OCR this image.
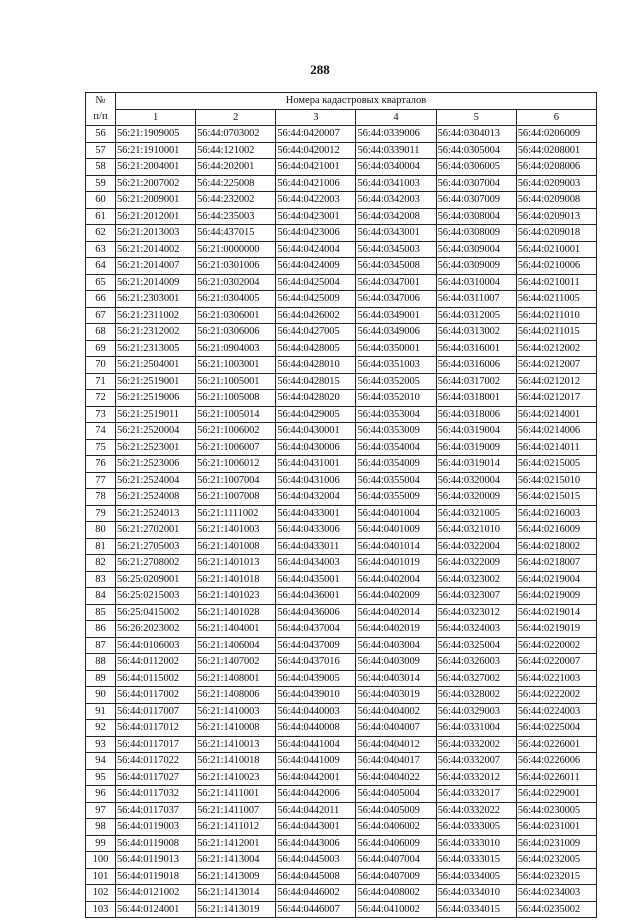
288
№	Номера кадастровых кварталов					
п/п	1	2	3	4	5	6
56	56:21:1909005	56:44:0703002	56:44:0420007	56:44:0339006	56:44:0304013	56:44:0206009
57	56:21:1910001	56:44:121002	56:44:0420012	56:44:0339011	56:44:0305004	56:44:0208001
58	56:21:2004001	56:44:202001	56:44:0421001	56:44:0340004	56:44:0306005	56:44:0208006
59	56:21:2007002	56:44:225008	56:44:0421006	56:44:0341003	56:44:0307004	56:44:0209003
60	56:21:2009001	56:44:232002	56:44:0422003	56:44:0342003	56:44:0307009	56:44:0209008
61	56:21:2012001	56:44:235003	56:44:0423001	56:44:0342008	56:44:0308004	56:44:0209013
62	56:21:2013003	56:44:437015	56:44:0423006	56:44:0343001	56:44:0308009	56:44:0209018
63	56:21:2014002	56:21:0000000	56:44:0424004	56:44:0345003	56:44:0309004	56:44:0210001
64	56:21:2014007	56:21:0301006	56:44:0424009	56:44:0345008	56:44:0309009	56:44:0210006
65	56:21:2014009	56:21:0302004	56:44:0425004	56:44:0347001	56:44:0310004	56:44:0210011
66	56:21:2303001	56:21:0304005	56:44:0425009	56:44:0347006	56:44:0311007	56:44:0211005
67	56:21:2311002	56:21:0306001	56:44:0426002	56:44:0349001	56:44:0312005	56:44:0211010
68	56:21:2312002	56:21:0306006	56:44:0427005	56:44:0349006	56:44:0313002	56:44:0211015
69	56:21:2313005	56:21:0904003	56:44:0428005	56:44:0350001	56:44:0316001	56:44:0212002
70	56:21:2504001	56:21:1003001	56:44:0428010	56:44:0351003	56:44:0316006	56:44:0212007
71	56:21:2519001	56:21:1005001	56:44:0428015	56:44:0352005	56:44:0317002	56:44:0212012
72	56:21:2519006	56:21:1005008	56:44:0428020	56:44:0352010	56:44:0318001	56:44:0212017
73	56:21:2519011	56:21:1005014	56:44:0429005	56:44:0353004	56:44:0318006	56:44:0214001
74	56:21:2520004	56:21:1006002	56:44:0430001	56:44:0353009	56:44:0319004	56:44:0214006
75	56:21:2523001	56:21:1006007	56:44:0430006	56:44:0354004	56:44:0319009	56:44:0214011
76	56:21:2523006	56:21:1006012	56:44:0431001	56:44:0354009	56:44:0319014	56:44:0215005
77	56:21:2524004	56:21:1007004	56:44:0431006	56:44:0355004	56:44:0320004	56:44:0215010
78	56:21:2524008	56:21:1007008	56:44:0432004	56:44:0355009	56:44:0320009	56:44:0215015
79	56:21:2524013	56:21:1111002	56:44:0433001	56:44:0401004	56:44:0321005	56:44:0216003
80	56:21:2702001	56:21:1401003	56:44:0433006	56:44:0401009	56:44:0321010	56:44:0216009
81	56:21:2705003	56:21:1401008	56:44:0433011	56:44:0401014	56:44:0322004	56:44:0218002
82	56:21:2708002	56:21:1401013	56:44:0434003	56:44:0401019	56:44:0322009	56:44:0218007
83	56:25:0209001	56:21:1401018	56:44:0435001	56:44:0402004	56:44:0323002	56:44:0219004
84	56:25:0215003	56:21:1401023	56:44:0436001	56:44:0402009	56:44:0323007	56:44:0219009
85	56:25:0415002	56:21:1401028	56:44:0436006	56:44:0402014	56:44:0323012	56:44:0219014
86	56:26:2023002	56:21:1404001	56:44:0437004	56:44:0402019	56:44:0324003	56:44:0219019
87	56:44:0106003	56:21:1406004	56:44:0437009	56:44:0403004	56:44:0325004	56:44:0220002
88	56:44:0112002	56:21:1407002	56:44:0437016	56:44:0403009	56:44:0326003	56:44:0220007
89	56:44:0115002	56:21:1408001	56:44:0439005	56:44:0403014	56:44:0327002	56:44:0221003
90	56:44:0117002	56:21:1408006	56:44:0439010	56:44:0403019	56:44:0328002	56:44:0222002
91	56:44:0117007	56:21:1410003	56:44:0440003	56:44:0404002	56:44:0329003	56:44:0224003
92	56:44:0117012	56:21:1410008	56:44:0440008	56:44:0404007	56:44:0331004	56:44:0225004
93	56:44:0117017	56:21:1410013	56:44:0441004	56:44:0404012	56:44:0332002	56:44:0226001
94	56:44:0117022	56:21:1410018	56:44:0441009	56:44:0404017	56:44:0332007	56:44:0226006
95	56:44:0117027	56:21:1410023	56:44:0442001	56:44:0404022	56:44:0332012	56:44:0226011
96	56:44:0117032	56:21:1411001	56:44:0442006	56:44:0405004	56:44:0332017	56:44:0229001
97	56:44:0117037	56:21:1411007	56:44:0442011	56:44:0405009	56:44:0332022	56:44:0230005
98	56:44:0119003	56:21:1411012	56:44:0443001	56:44:0406002	56:44:0333005	56:44:0231001
99	56:44:0119008	56:21:1412001	56:44:0443006	56:44:0406009	56:44:0333010	56:44:0231009
100	56:44:0119013	56:21:1413004	56:44:0445003	56:44:0407004	56:44:0333015	56:44:0232005
101	56:44:0119018	56:21:1413009	56:44:0445008	56:44:0407009	56:44:0334005	56:44:0232015
102	56:44:0121002	56:21:1413014	56:44:0446002	56:44:0408002	56:44:0334010	56:44:0234003
103	56:44:0124001	56:21:1413019	56:44:0446007	56:44:0410002	56:44:0334015	56:44:0235002
